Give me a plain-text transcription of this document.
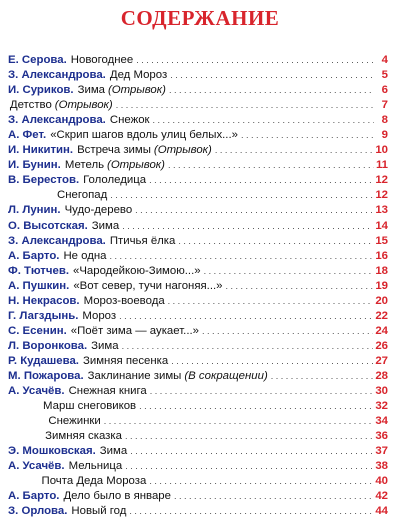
СОДЕРЖАНИЕ
Е. Серова. Новогоднее . . .	4
З. Александрова. Дед Мороз . . .	5
И. Суриков. Зима (Отрывок) . . .	6
Детство (Отрывок) . . .	7
З. Александрова. Снежок . . .	8
А. Фет. «Скрип шагов вдоль улиц белых...» . . .	9
И. Никитин. Встреча зимы (Отрывок) . . .	10
И. Бунин. Метель (Отрывок) . . .	11
В. Берестов. Гололедица . . .	12
Снегопад . . .	12
Л. Лунин. Чудо-дерево . . .	13
О. Высотская. Зима . . .	14
З. Александрова. Птичья ёлка . . .	15
А. Барто. Не одна . . .	16
Ф. Тютчев. «Чародейкою-Зимою...» . . .	18
А. Пушкин. «Вот север, тучи нагоняя...» . . .	19
Н. Некрасов. Мороз-воевода . . .	20
Г. Лагздынь. Мороз . . .	22
С. Есенин. «Поёт зима — аукает...» . . .	24
Л. Воронкова. Зима . . .	26
Р. Кудашева. Зимняя песенка . . .	27
М. Пожарова. Заклинание зимы (В сокращении) . . .	28
А. Усачёв. Снежная книга . . .	30
Марш снеговиков . . .	32
Снежинки . . .	34
Зимняя сказка . . .	36
Э. Мошковская. Зима . . .	37
А. Усачёв. Мельница . . .	38
Почта Деда Мороза . . .	40
А. Барто. Дело было в январе . . .	42
З. Орлова. Новый год . . .	44
